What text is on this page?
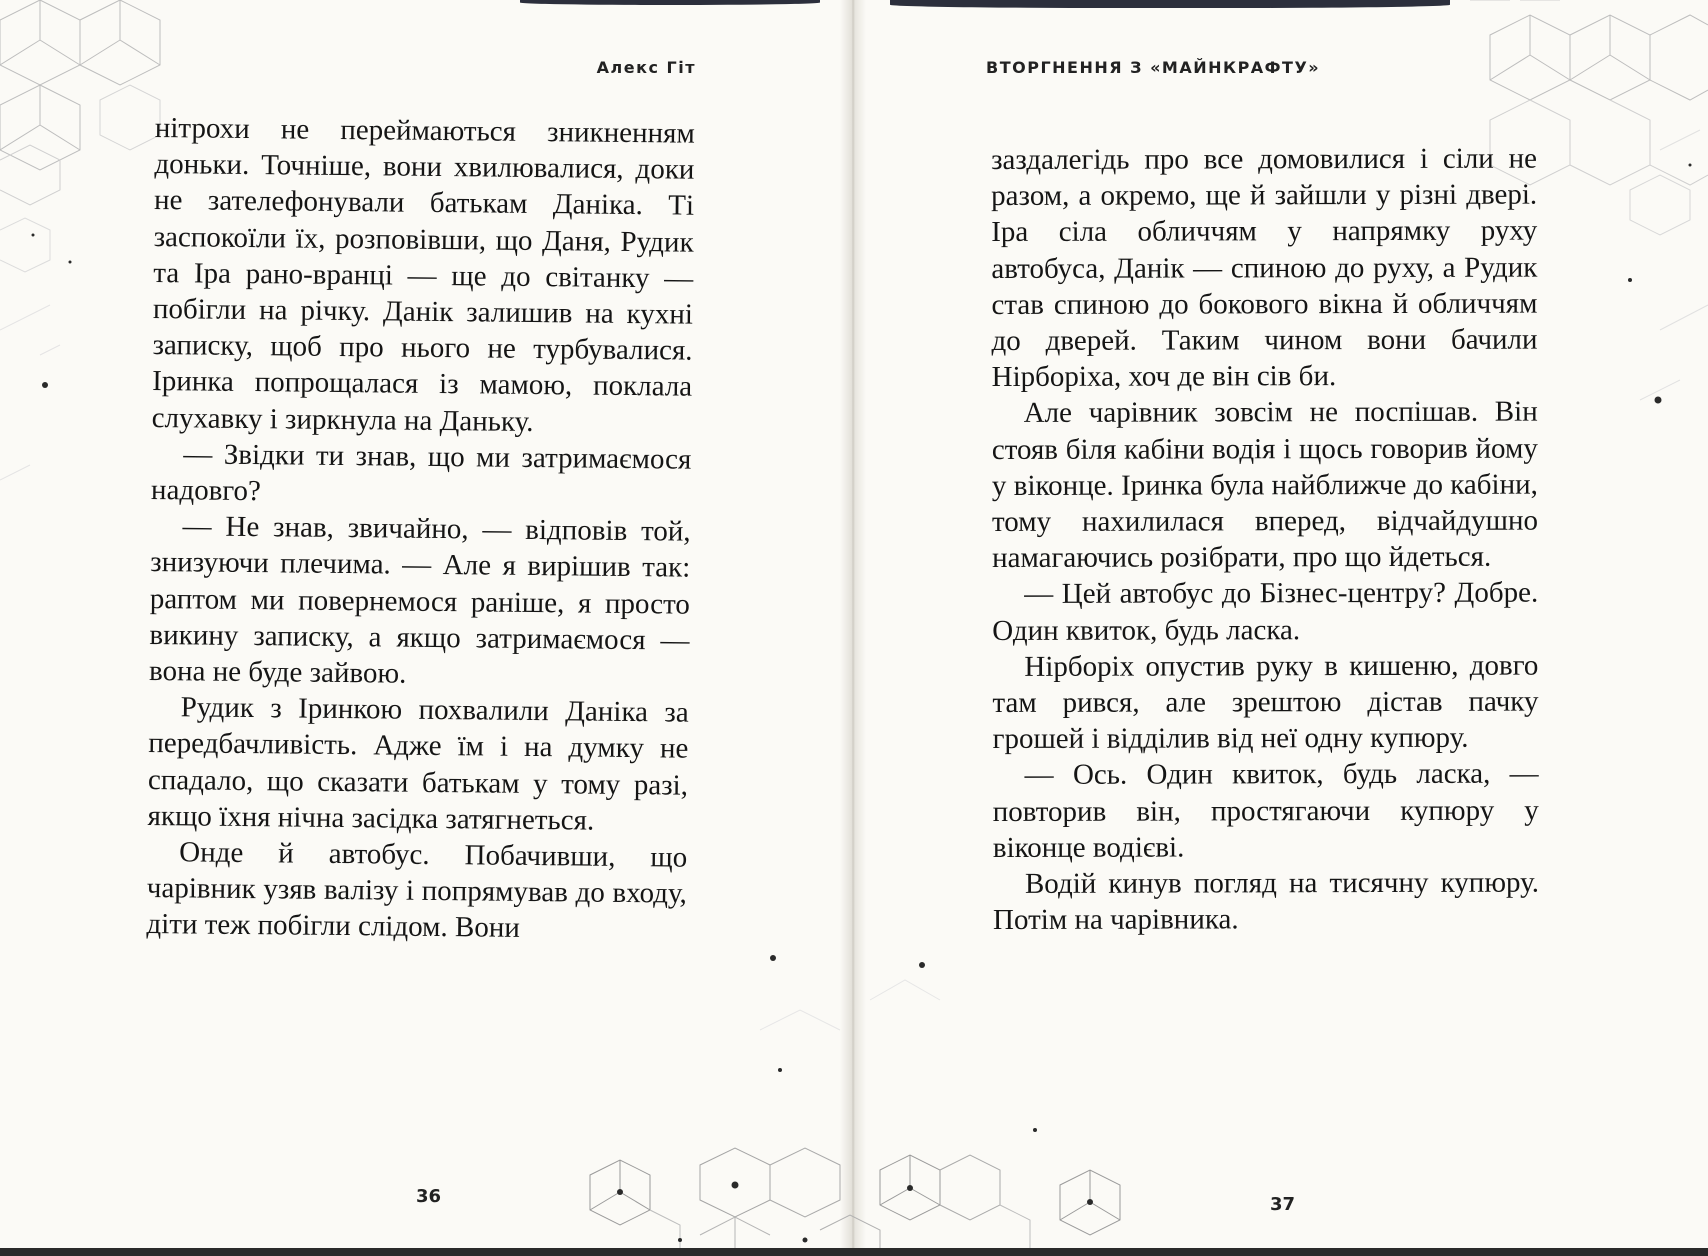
Алекс Гіт

нітрохи не переймаються зникненням доньки. Точніше, вони хвилювалися, доки не зателефонували батькам Даніка. Ті заспокоїли їх, розповівши, що Даня, Рудик та Іра рано-вранці — ще до світанку — побігли на річку. Данік залишив на кухні записку, щоб про нього не турбувалися. Іринка попрощалася із мамою, поклала слухавку і зиркнула на Даньку.

— Звідки ти знав, що ми затримаємося надовго?

— Не знав, звичайно, — відповів той, знизуючи плечима. — Але я вирішив так: раптом ми повернемося раніше, я просто викину записку, а якщо затримаємося — вона не буде зайвою.

Рудик з Іринкою похвалили Даніка за передбачливість. Адже їм і на думку не спадало, що сказати батькам у тому разі, якщо їхня нічна засідка затягнеться.

Онде й автобус. Побачивши, що чарівник узяв валізу і попрямував до входу, діти теж побігли слідом. Вони

36
ВТОРГНЕННЯ З «МАЙНКРАФТУ»

заздалегідь про все домовилися і сіли не разом, а окремо, ще й зайшли у різні двері. Іра сіла обличчям у напрямку руху автобуса, Данік — спиною до руху, а Рудик став спиною до бокового вікна й обличчям до дверей. Таким чином вони бачили Нірборіха, хоч де він сів би.

Але чарівник зовсім не поспішав. Він стояв біля кабіни водія і щось говорив йому у віконце. Іринка була найближче до кабіни, тому нахилилася вперед, відчайдушно намагаючись розібрати, про що йдеться.

— Цей автобус до Бізнес-центру? Добре. Один квиток, будь ласка.

Нірборіх опустив руку в кишеню, довго там рився, але зрештою дістав пачку грошей і відділив від неї одну купюру.

— Ось. Один квиток, будь ласка, — повторив він, простягаючи купюру у віконце водієві.

Водій кинув погляд на тисячну купюру. Потім на чарівника.

37
